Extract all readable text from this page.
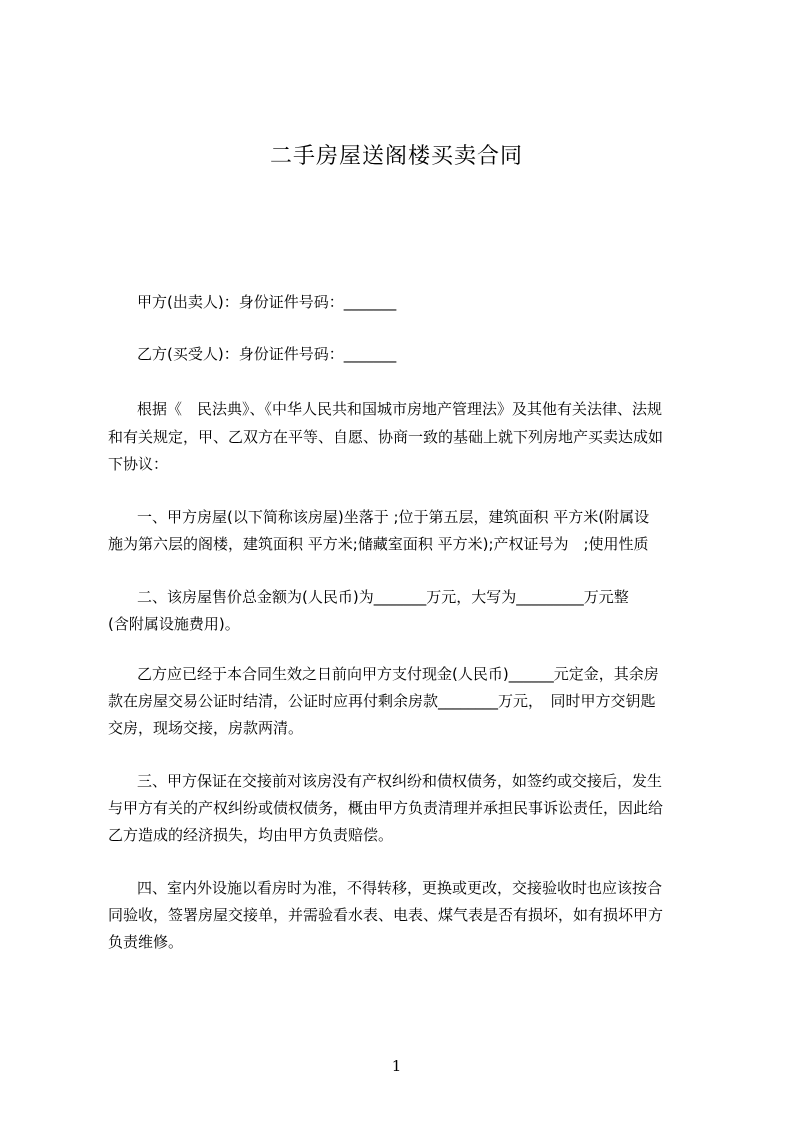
二手房屋送阁楼买卖合同
甲方(出卖人)：身份证件号码：_______
乙方(买受人)：身份证件号码：_______
根据《　民法典》、《中华人民共和国城市房地产管理法》及其他有关法律、法规
和有关规定，甲、乙双方在平等、自愿、协商一致的基础上就下列房地产买卖达成如
下协议：
一、甲方房屋(以下简称该房屋)坐落于 ;位于第五层，建筑面积 平方米(附属设
施为第六层的阁楼，建筑面积 平方米;储藏室面积 平方米);产权证号为　;使用性质
二、该房屋售价总金额为(人民币)为_______万元，大写为_________万元整
(含附属设施费用)。
乙方应已经于本合同生效之日前向甲方支付现金(人民币)______元定金，其余房
款在房屋交易公证时结清，公证时应再付剩余房款________万元，　同时甲方交钥匙
交房，现场交接，房款两清。
三、甲方保证在交接前对该房没有产权纠纷和债权债务，如签约或交接后，发生
与甲方有关的产权纠纷或债权债务，概由甲方负责清理并承担民事诉讼责任，因此给
乙方造成的经济损失，均由甲方负责赔偿。
四、室内外设施以看房时为准，不得转移，更换或更改，交接验收时也应该按合
同验收，签署房屋交接单，并需验看水表、电表、煤气表是否有损坏，如有损坏甲方
负责维修。
1
